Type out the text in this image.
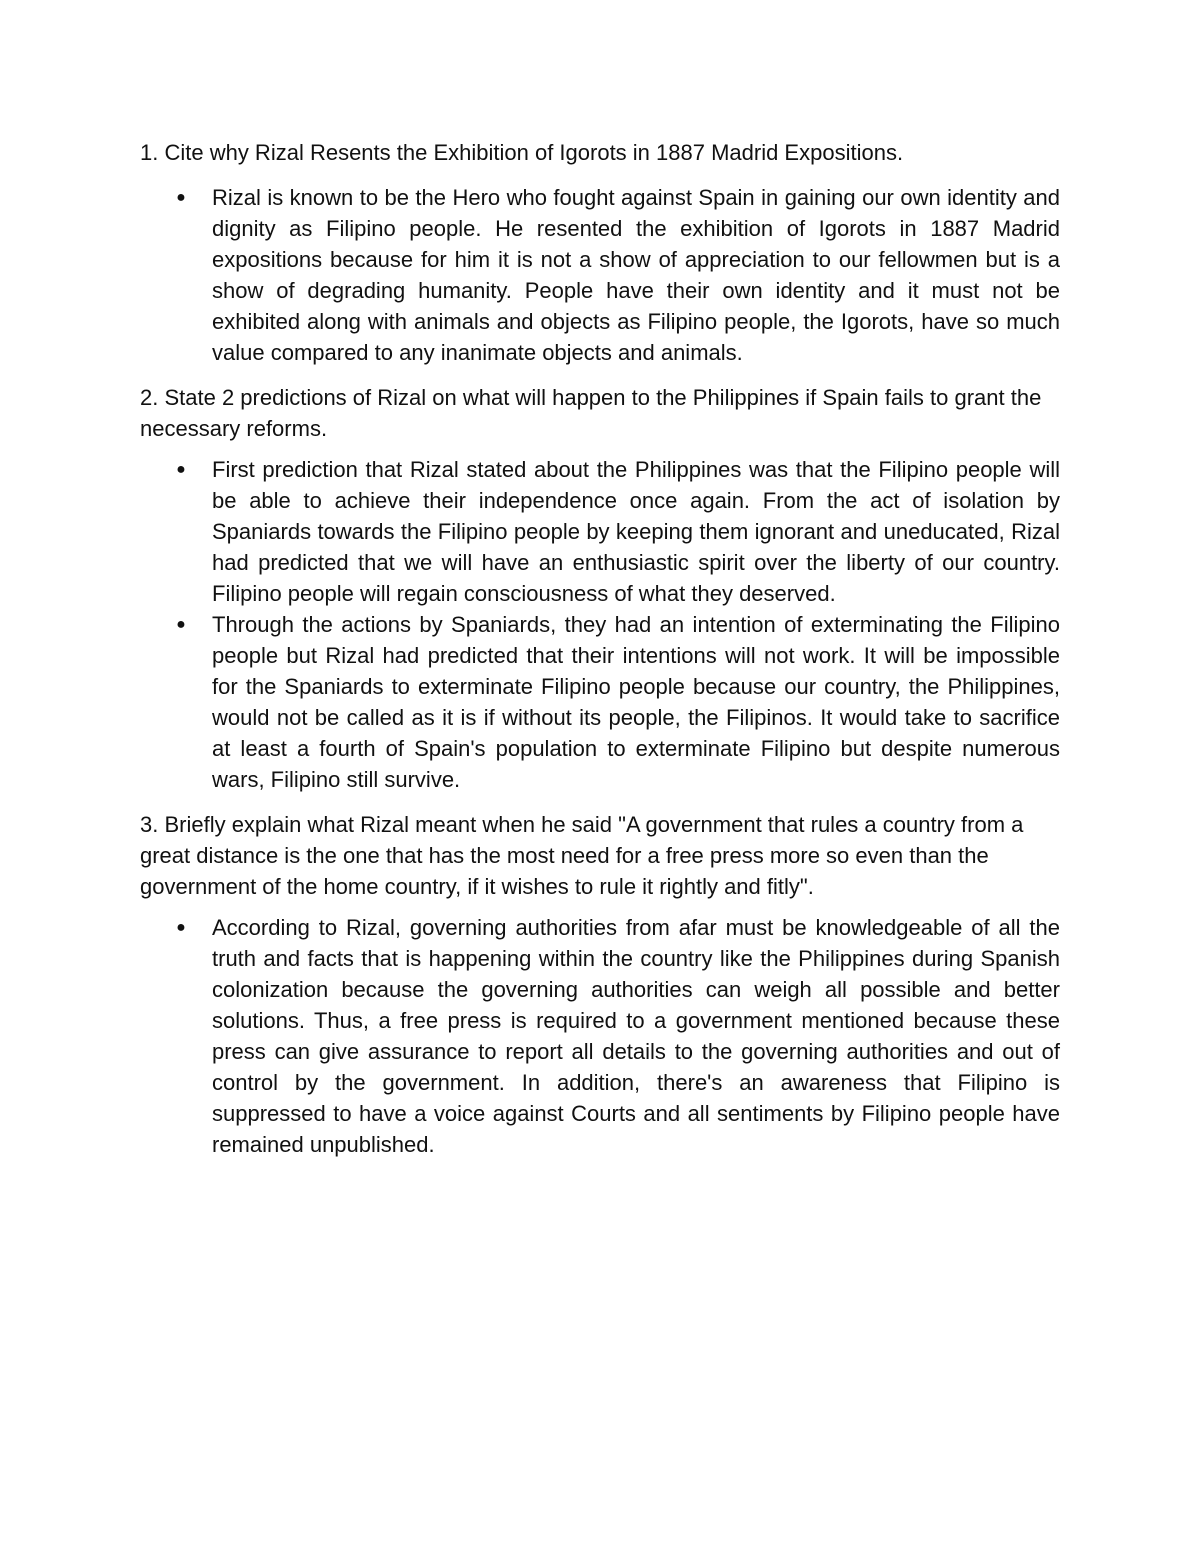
1. Cite why Rizal Resents the Exhibition of Igorots in 1887 Madrid Expositions.

● Rizal is known to be the Hero who fought against Spain in gaining our own identity and dignity as Filipino people. He resented the exhibition of Igorots in 1887 Madrid expositions because for him it is not a show of appreciation to our fellowmen but is a show of degrading humanity. People have their own identity and it must not be exhibited along with animals and objects as Filipino people, the Igorots, have so much value compared to any inanimate objects and animals.

2. State 2 predictions of Rizal on what will happen to the Philippines if Spain fails to grant the necessary reforms.

● First prediction that Rizal stated about the Philippines was that the Filipino people will be able to achieve their independence once again. From the act of isolation by Spaniards towards the Filipino people by keeping them ignorant and uneducated, Rizal had predicted that we will have an enthusiastic spirit over the liberty of our country. Filipino people will regain consciousness of what they deserved.
● Through the actions by Spaniards, they had an intention of exterminating the Filipino people but Rizal had predicted that their intentions will not work. It will be impossible for the Spaniards to exterminate Filipino people because our country, the Philippines, would not be called as it is if without its people, the Filipinos. It would take to sacrifice at least a fourth of Spain's population to exterminate Filipino but despite numerous wars, Filipino still survive.

3. Briefly explain what Rizal meant when he said "A government that rules a country from a great distance is the one that has the most need for a free press more so even than the government of the home country, if it wishes to rule it rightly and fitly".

● According to Rizal, governing authorities from afar must be knowledgeable of all the truth and facts that is happening within the country like the Philippines during Spanish colonization because the governing authorities can weigh all possible and better solutions. Thus, a free press is required to a government mentioned because these press can give assurance to report all details to the governing authorities and out of control by the government. In addition, there's an awareness that Filipino is suppressed to have a voice against Courts and all sentiments by Filipino people have remained unpublished.
